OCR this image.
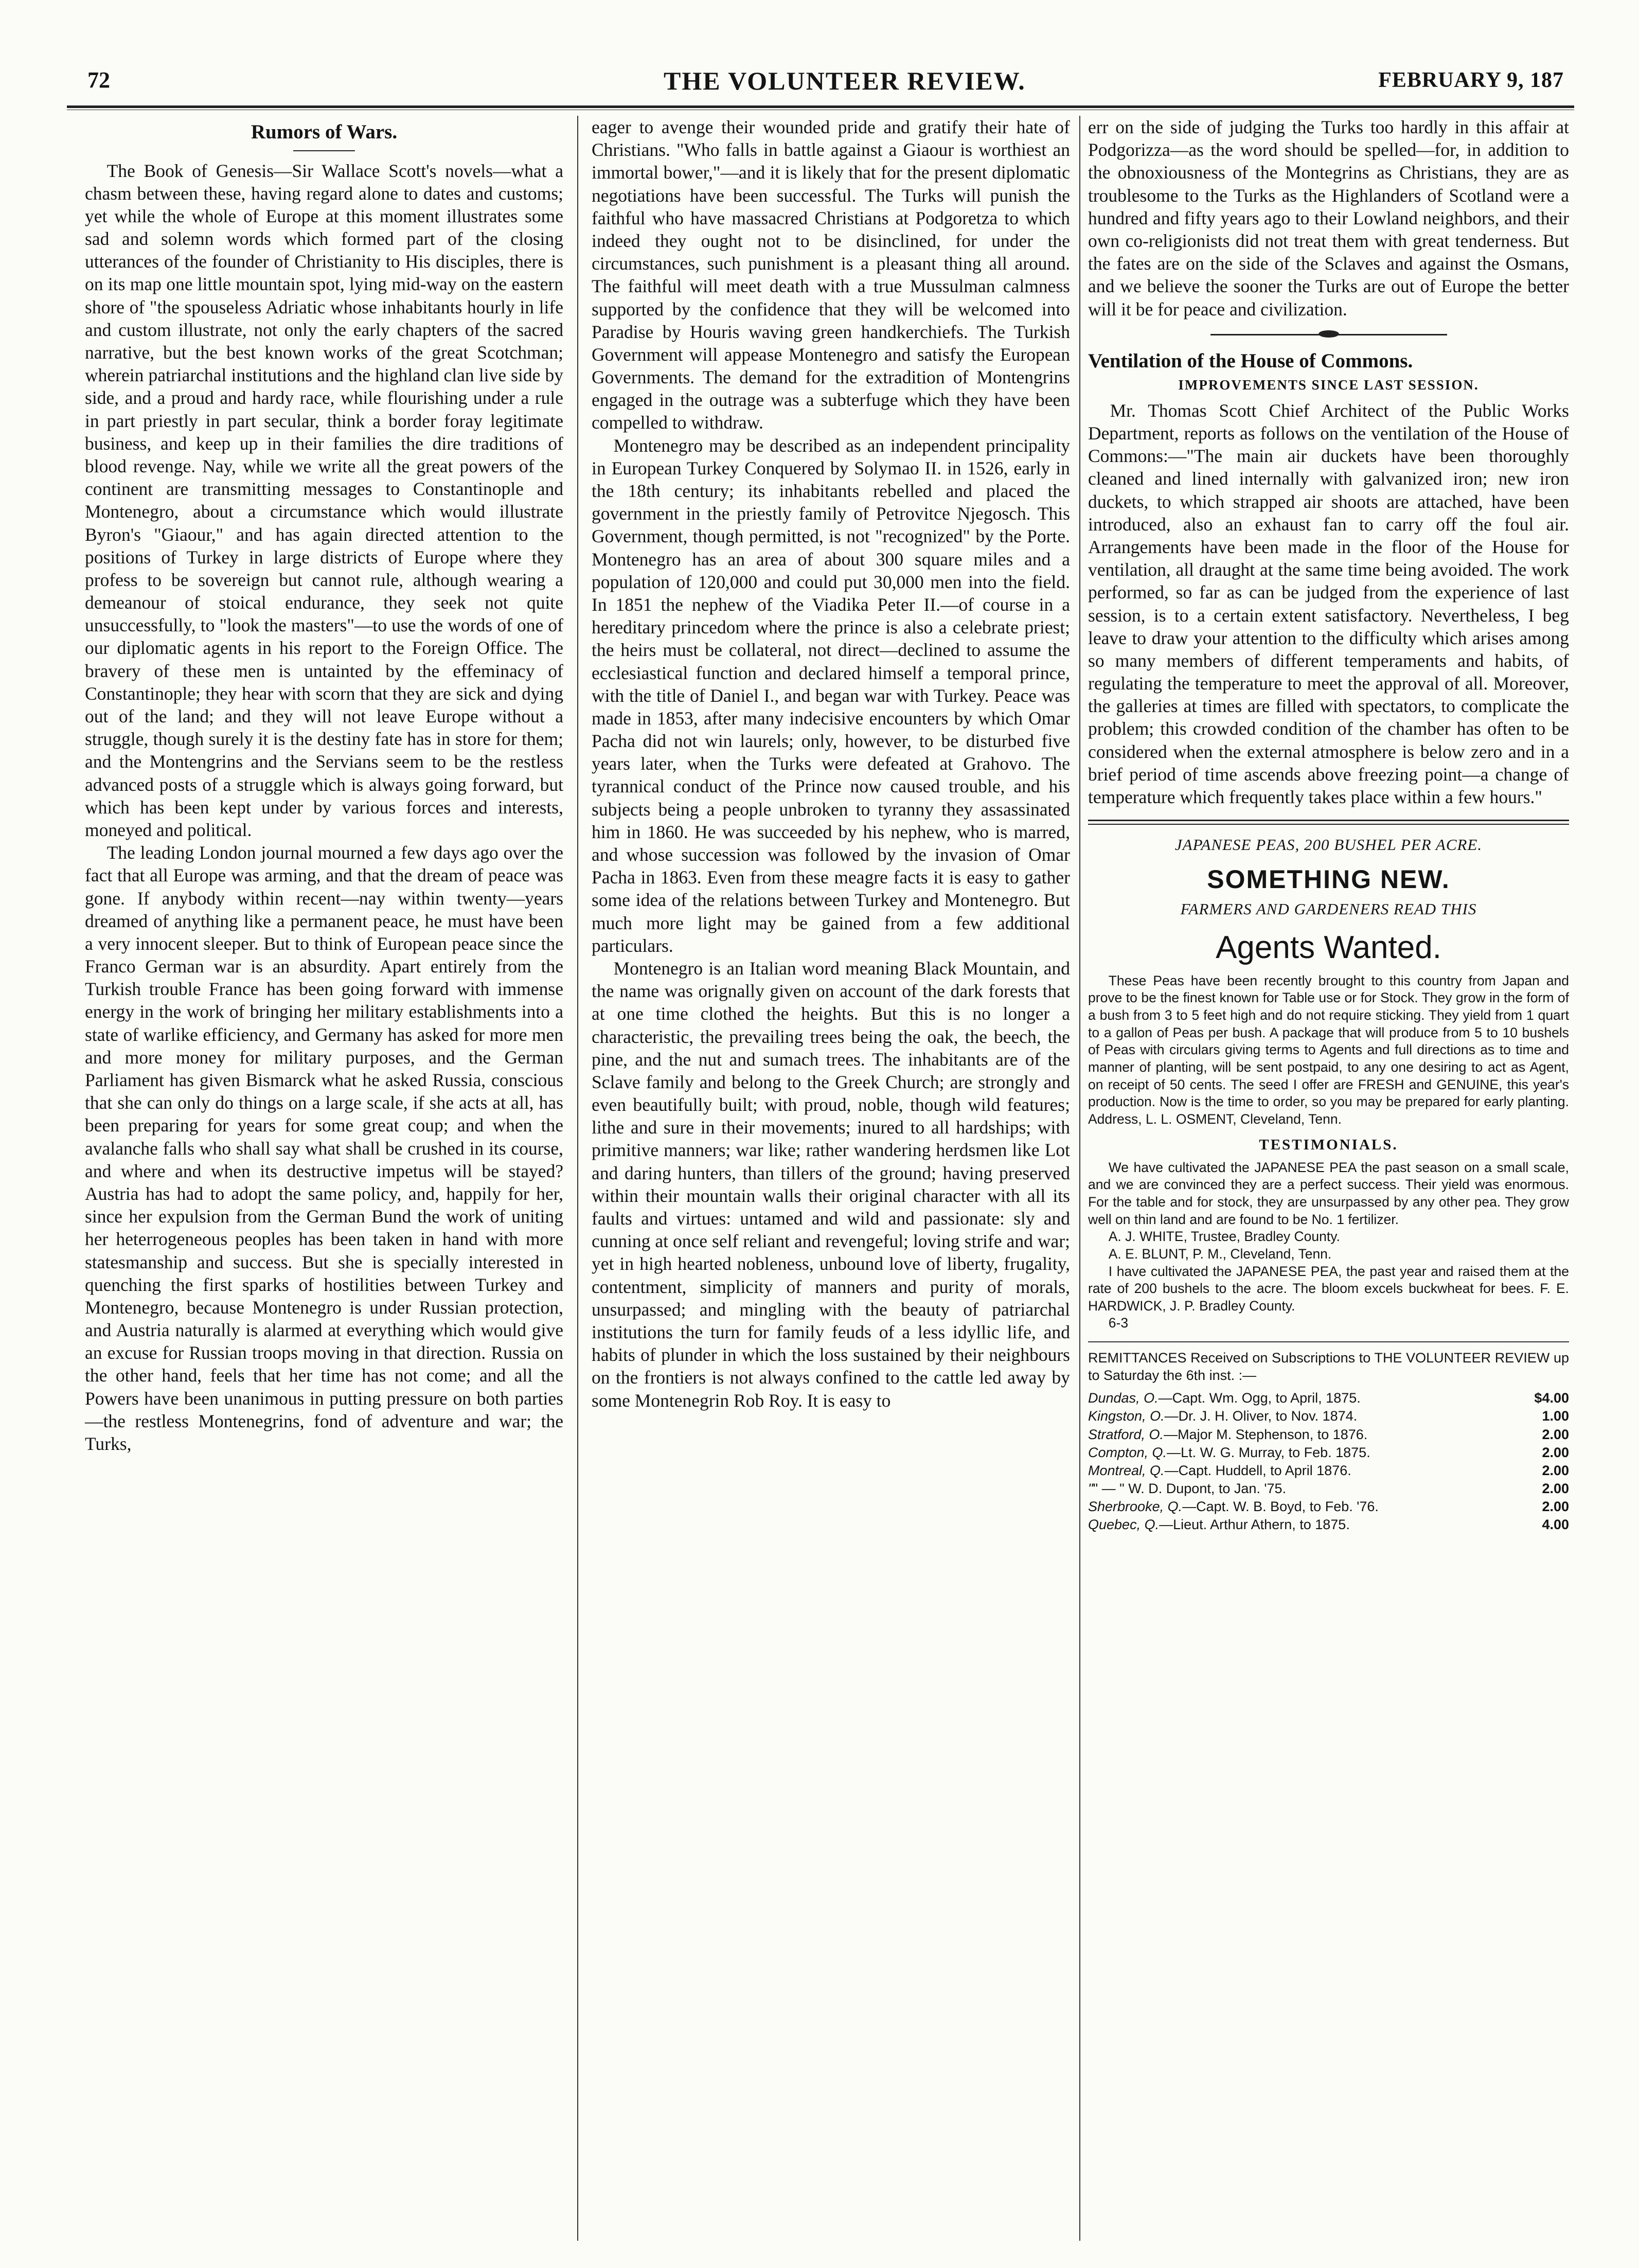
72	THE VOLUNTEER REVIEW.	FEBRUARY 9, 187
Rumors of Wars.

The Book of Genesis—Sir Wallace Scott's novels—what a chasm between these, having regard alone to dates and customs; yet while the whole of Europe at this moment illustrates some sad and solemn words which formed part of the closing utterances of the founder of Christianity to His disciples, there is on its map one little mountain spot, lying mid-way on the eastern shore of "the spouseless Adriatic whose inhabitants hourly in life and custom illustrate, not only the early chapters of the sacred narrative, but the best known works of the great Scotchman; wherein patriarchal institutions and the highland clan live side by side, and a proud and hardy race, while flourishing under a rule in part priestly in part secular, think a border foray legitimate business, and keep up in their families the dire traditions of blood revenge. Nay, while we write all the great powers of the continent are transmitting messages to Constantinople and Montenegro, about a circumstance which would illustrate Byron's "Giaour," and has again directed attention to the positions of Turkey in large districts of Europe where they profess to be sovereign but cannot rule, although wearing a demeanour of stoical endurance, they seek not quite unsuccessfully, to "look the masters"—to use the words of one of our diplomatic agents in his report to the Foreign Office. The bravery of these men is untainted by the effeminacy of Constantinople; they hear with scorn that they are sick and dying out of the land; and they will not leave Europe without a struggle, though surely it is the destiny fate has in store for them; and the Montengrins and the Servians seem to be the restless advanced posts of a struggle which is always going forward, but which has been kept under by various forces and interests, moneyed and political.

The leading London journal mourned a few days ago over the fact that all Europe was arming, and that the dream of peace was gone. If anybody within recent—nay within twenty—years dreamed of anything like a permanent peace, he must have been a very innocent sleeper. But to think of European peace since the Franco German war is an absurdity. Apart entirely from the Turkish trouble France has been going forward with immense energy in the work of bringing her military establishments into a state of warlike efficiency, and Germany has asked for more men and more money for military purposes, and the German Parliament has given Bismarck what he asked Russia, conscious that she can only do things on a large scale, if she acts at all, has been preparing for years for some great coup; and when the avalanche falls who shall say what shall be crushed in its course, and where and when its destructive impetus will be stayed? Austria has had to adopt the same policy, and, happily for her, since her expulsion from the German Bund the work of uniting her heterrogeneous peoples has been taken in hand with more statesmanship and success. But she is specially interested in quenching the first sparks of hostilities between Turkey and Montenegro, because Montenegro is under Russian protection, and Austria naturally is alarmed at everything which would give an excuse for Russian troops moving in that direction. Russia on the other hand, feels that her time has not come; and all the Powers have been unanimous in putting pressure on both parties—the restless Montenegrins, fond of adventure and war; the Turks,

eager to avenge their wounded pride and gratify their hate of Christians. "Who falls in battle against a Giaour is worthiest an immortal bower,"—and it is likely that for the present diplomatic negotiations have been successful. The Turks will punish the faithful who have massacred Christians at Podgoretza to which indeed they ought not to be disinclined, for under the circumstances, such punishment is a pleasant thing all around. The faithful will meet death with a true Mussulman calmness supported by the confidence that they will be welcomed into Paradise by Houris waving green handkerchiefs. The Turkish Government will appease Montenegro and satisfy the European Governments. The demand for the extradition of Montengrins engaged in the outrage was a subterfuge which they have been compelled to withdraw.

Montenegro may be described as an independent principality in European Turkey Conquered by Solymao II. in 1526, early in the 18th century; its inhabitants rebelled and placed the government in the priestly family of Petrovitce Njegosch. This Government, though permitted, is not "recognized" by the Porte. Montenegro has an area of about 300 square miles and a population of 120,000 and could put 30,000 men into the field. In 1851 the nephew of the Viadika Peter II.—of course in a hereditary princedom where the prince is also a celebrate priest; the heirs must be collateral, not direct—declined to assume the ecclesiastical function and declared himself a temporal prince, with the title of Daniel I., and began war with Turkey. Peace was made in 1853, after many indecisive encounters by which Omar Pacha did not win laurels; only, however, to be disturbed five years later, when the Turks were defeated at Grahovo. The tyrannical conduct of the Prince now caused trouble, and his subjects being a people unbroken to tyranny they assassinated him in 1860. He was succeeded by his nephew, who is marred, and whose succession was followed by the invasion of Omar Pacha in 1863. Even from these meagre facts it is easy to gather some idea of the relations between Turkey and Montenegro. But much more light may be gained from a few additional particulars.

Montenegro is an Italian word meaning Black Mountain, and the name was orignally given on account of the dark forests that at one time clothed the heights. But this is no longer a characteristic, the prevailing trees being the oak, the beech, the pine, and the nut and sumach trees. The inhabitants are of the Sclave family and belong to the Greek Church; are strongly and even beautifully built; with proud, noble, though wild features; lithe and sure in their movements; inured to all hardships; with primitive manners; war like; rather wandering herdsmen like Lot and daring hunters, than tillers of the ground; having preserved within their mountain walls their original character with all its faults and virtues: untamed and wild and passionate: sly and cunning at once self reliant and revengeful; loving strife and war; yet in high hearted nobleness, unbound love of liberty, frugality, contentment, simplicity of manners and purity of morals, unsurpassed; and mingling with the beauty of patriarchal institutions the turn for family feuds of a less idyllic life, and habits of plunder in which the loss sustained by their neighbours on the frontiers is not always confined to the cattle led away by some Montenegrin Rob Roy. It is easy to

err on the side of judging the Turks too hardly in this affair at Podgorizza—as the word should be spelled—for, in addition to the obnoxiousness of the Montegrins as Christians, they are as troublesome to the Turks as the Highlanders of Scotland were a hundred and fifty years ago to their Lowland neighbors, and their own co-religionists did not treat them with great tenderness. But the fates are on the side of the Sclaves and against the Osmans, and we believe the sooner the Turks are out of Europe the better will it be for peace and civilization.

Ventilation of the House of Commons.
IMPROVEMENTS SINCE LAST SESSION.

Mr. Thomas Scott Chief Architect of the Public Works Department, reports as follows on the ventilation of the House of Commons:—"The main air duckets have been thoroughly cleaned and lined internally with galvanized iron; new iron duckets, to which strapped air shoots are attached, have been introduced, also an exhaust fan to carry off the foul air. Arrangements have been made in the floor of the House for ventilation, all draught at the same time being avoided. The work performed, so far as can be judged from the experience of last session, is to a certain extent satisfactory. Nevertheless, I beg leave to draw your attention to the difficulty which arises among so many members of different temperaments and habits, of regulating the temperature to meet the approval of all. Moreover, the galleries at times are filled with spectators, to complicate the problem; this crowded condition of the chamber has often to be considered when the external atmosphere is below zero and in a brief period of time ascends above freezing point—a change of temperature which frequently takes place within a few hours."

JAPANESE PEAS, 200 BUSHEL PER ACRE.
SOMETHING NEW.
FARMERS AND GARDENERS READ THIS
Agents Wanted.

These Peas have been recently brought to this country from Japan and prove to be the finest known for Table use or for Stock. They grow in the form of a bush from 3 to 5 feet high and do not require sticking. They yield from 1 quart to a gallon of Peas per bush. A package that will produce from 5 to 10 bushels of Peas with circulars giving terms to Agents and full directions as to time and manner of planting, will be sent postpaid, to any one desiring to act as Agent, on receipt of 50 cents. The seed I offer are FRESH and GENUINE, this year's production. Now is the time to order, so you may be prepared for early planting. Address, L. L. OSMENT, Cleveland, Tenn.

TESTIMONIALS.

We have cultivated the JAPANESE PEA the past season on a small scale, and we are convinced they are a perfect success. Their yield was enormous. For the table and for stock, they are unsurpassed by any other pea. They grow well on thin land and are found to be No. 1 fertilizer.

A. J. WHITE, Trustee, Bradley County.

A. E. BLUNT, P. M., Cleveland, Tenn.

I have cultivated the JAPANESE PEA, the past year and raised them at the rate of 200 bushels to the acre. The bloom excels buckwheat for bees. F. E. HARDWICK, J. P. Bradley County.

6-3

REMITTANCES Received on Subscriptions to THE VOLUNTEER REVIEW up to Saturday the 6th inst. :—
Dundas, O.—Capt. Wm. Ogg, to April, 1875.	$4.00
Kingston, O.—Dr. J. H. Oliver, to Nov. 1874.	1.00
Stratford, O.—Major M. Stephenson, to 1876.	2.00
Compton, Q.—Lt. W. G. Murray, to Feb. 1875.	2.00
Montreal, Q.—Capt. Huddell, to April 1876.	2.00
"" — " W. D. Dupont, to Jan. '75.	2.00
Sherbrooke, Q.—Capt. W. B. Boyd, to Feb. '76.	2.00
Quebec, Q.—Lieut. Arthur Athern, to 1875.	4.00
